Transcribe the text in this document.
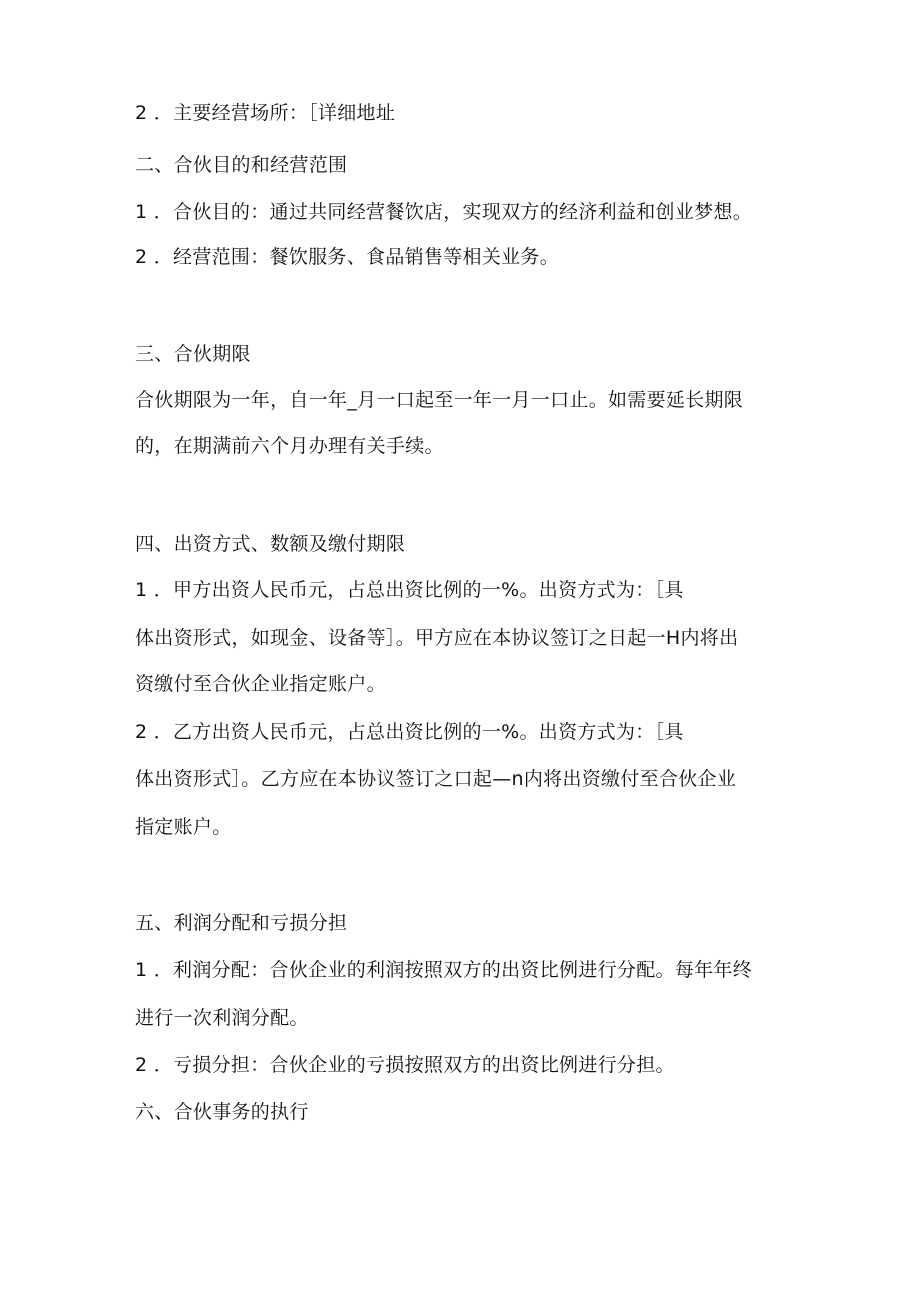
2 ．主要经营场所：［详细地址
二、合伙目的和经营范围
1 ．合伙目的：通过共同经营餐饮店，实现双方的经济利益和创业梦想。
2 ．经营范围：餐饮服务、食品销售等相关业务。
三、合伙期限
合伙期限为一年，自一年_月一口起至一年一月一口止。如需要延长期限
的，在期满前六个月办理有关手续。
四、出资方式、数额及缴付期限
1 ．甲方出资人民币元，占总出资比例的一%。出资方式为：［具
体出资形式，如现金、设备等］。甲方应在本协议签订之日起一H内将出
资缴付至合伙企业指定账户。
2 ．乙方出资人民币元，占总出资比例的一%。出资方式为：［具
体出资形式］。乙方应在本协议签订之口起—n内将出资缴付至合伙企业
指定账户。
五、利润分配和亏损分担
1 ．利润分配：合伙企业的利润按照双方的出资比例进行分配。每年年终
进行一次利润分配。
2 ．亏损分担：合伙企业的亏损按照双方的出资比例进行分担。
六、合伙事务的执行
